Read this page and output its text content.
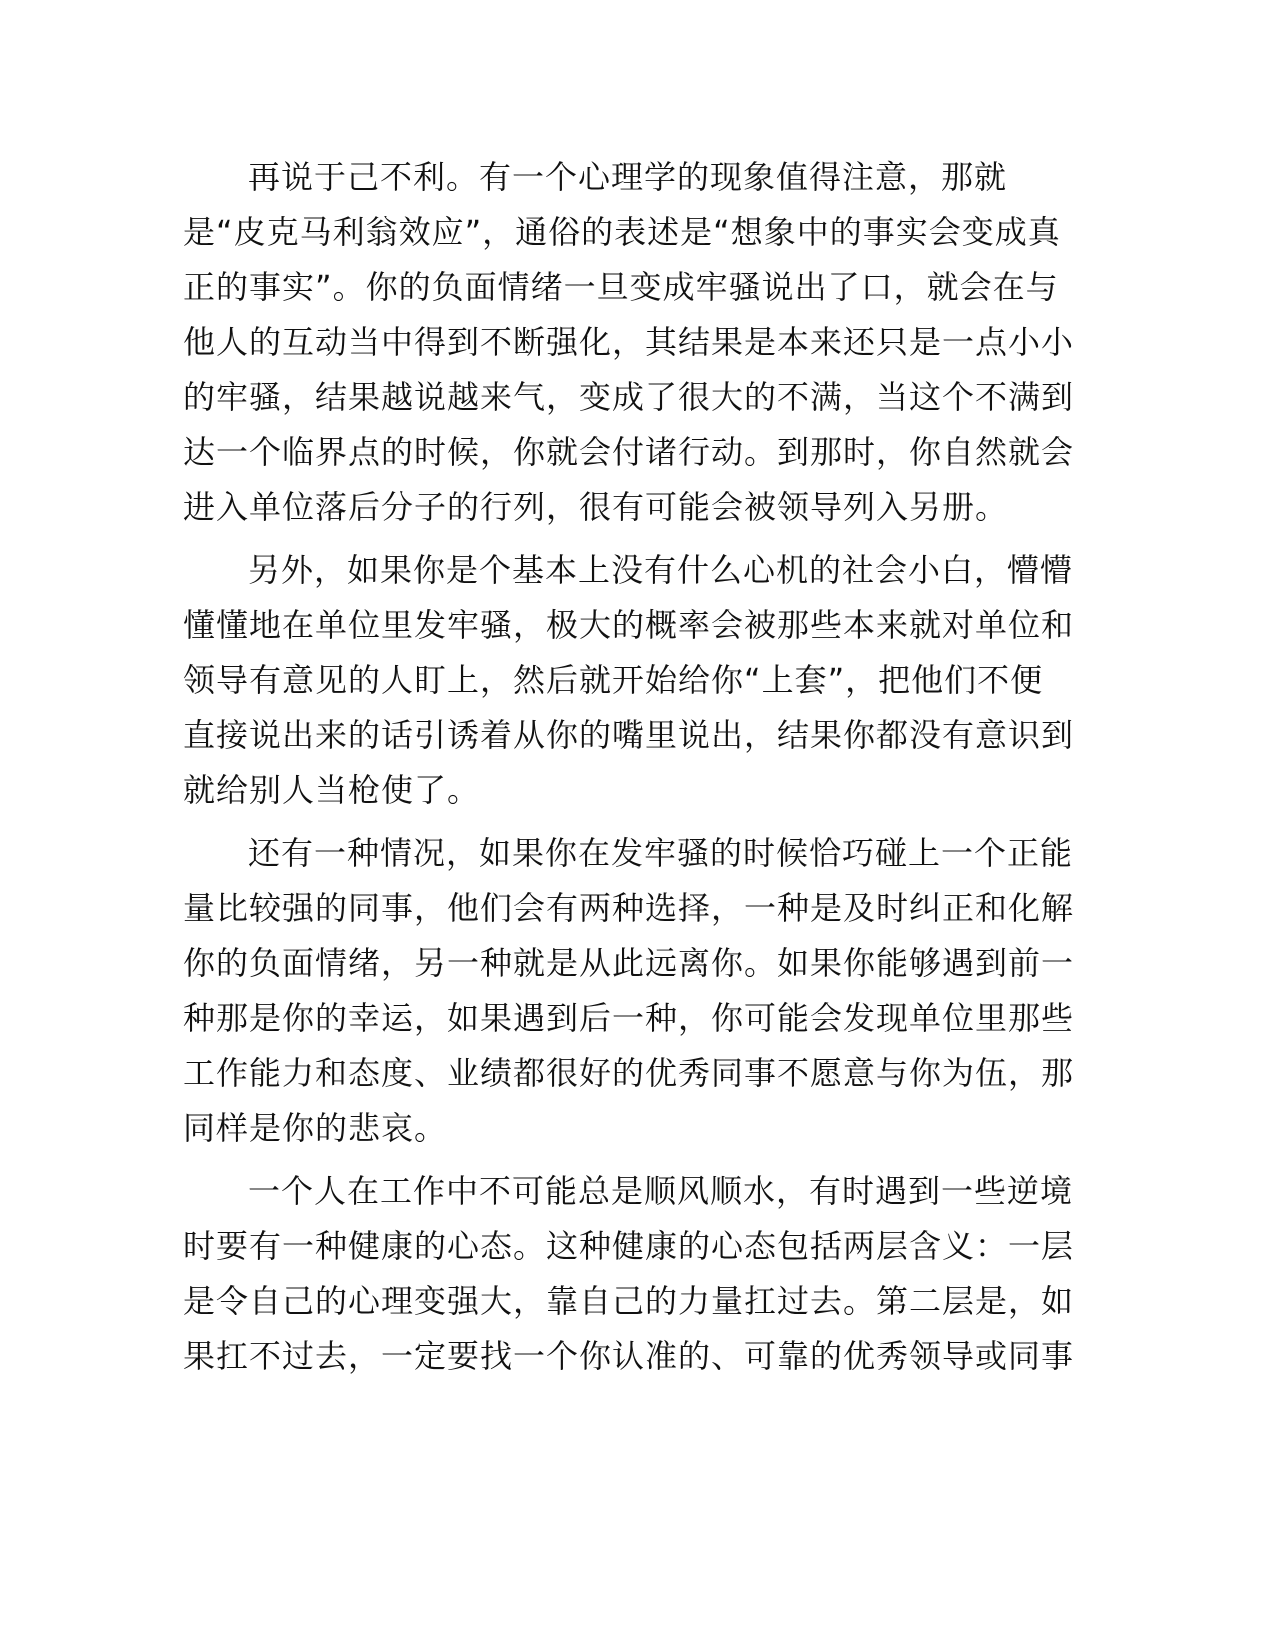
再说于己不利。有一个心理学的现象值得注意，那就
是“皮克马利翁效应”，通俗的表述是“想象中的事实会变成真
正的事实”。你的负面情绪一旦变成牢骚说出了口，就会在与
他人的互动当中得到不断强化，其结果是本来还只是一点小小
的牢骚，结果越说越来气，变成了很大的不满，当这个不满到
达一个临界点的时候，你就会付诸行动。到那时，你自然就会
进入单位落后分子的行列，很有可能会被领导列入另册。

另外，如果你是个基本上没有什么心机的社会小白，懵懵
懂懂地在单位里发牢骚，极大的概率会被那些本来就对单位和
领导有意见的人盯上，然后就开始给你“上套”，把他们不便
直接说出来的话引诱着从你的嘴里说出，结果你都没有意识到
就给别人当枪使了。

还有一种情况，如果你在发牢骚的时候恰巧碰上一个正能
量比较强的同事，他们会有两种选择，一种是及时纠正和化解
你的负面情绪，另一种就是从此远离你。如果你能够遇到前一
种那是你的幸运，如果遇到后一种，你可能会发现单位里那些
工作能力和态度、业绩都很好的优秀同事不愿意与你为伍，那
同样是你的悲哀。

一个人在工作中不可能总是顺风顺水，有时遇到一些逆境
时要有一种健康的心态。这种健康的心态包括两层含义：一层
是令自己的心理变强大，靠自己的力量扛过去。第二层是，如
果扛不过去，一定要找一个你认准的、可靠的优秀领导或同事
